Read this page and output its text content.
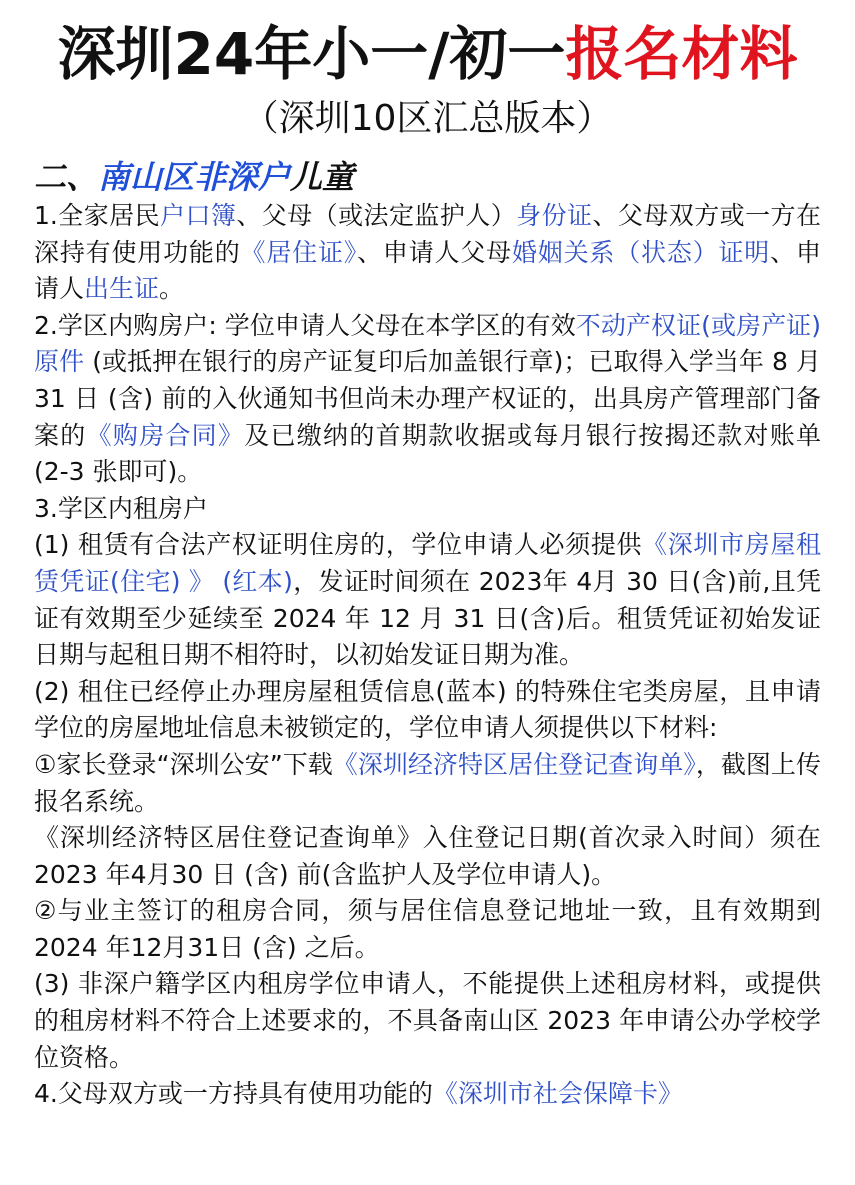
深圳24年小一/初一报名材料
（深圳10区汇总版本）
二、南山区非深户儿童

1.全家居民户口簿、父母（或法定监护人）身份证、父母双方或一方在深持有使用功能的《居住证》、申请人父母婚姻关系（状态）证明、申请人出生证。

2.学区内购房户: 学位申请人父母在本学区的有效不动产权证(或房产证) 原件 (或抵押在银行的房产证复印后加盖银行章)；已取得入学当年 8 月31 日 (含) 前的入伙通知书但尚未办理产权证的，出具房产管理部门备案的《购房合同》及已缴纳的首期款收据或每月银行按揭还款对账单 (2-3 张即可)。

3.学区内租房户

(1) 租赁有合法产权证明住房的，学位申请人必须提供《深圳市房屋租赁凭证(住宅) 》 (红本)，发证时间须在 2023年 4月 30 日(含)前,且凭证有效期至少延续至 2024 年 12 月 31 日(含)后。租赁凭证初始发证日期与起租日期不相符时，以初始发证日期为准。

(2) 租住已经停止办理房屋租赁信息(蓝本) 的特殊住宅类房屋，且申请学位的房屋地址信息未被锁定的，学位申请人须提供以下材料:

①家长登录“深圳公安”下载《深圳经济特区居住登记查询单》，截图上传报名系统。

《深圳经济特区居住登记查询单》入住登记日期(首次录入时间）须在 2023 年4月30 日 (含) 前(含监护人及学位申请人)。

②与业主签订的租房合同，须与居住信息登记地址一致，且有效期到 2024 年12月31日 (含) 之后。

(3) 非深户籍学区内租房学位申请人，不能提供上述租房材料，或提供的租房材料不符合上述要求的，不具备南山区 2023 年申请公办学校学位资格。

4.父母双方或一方持具有使用功能的《深圳市社会保障卡》
